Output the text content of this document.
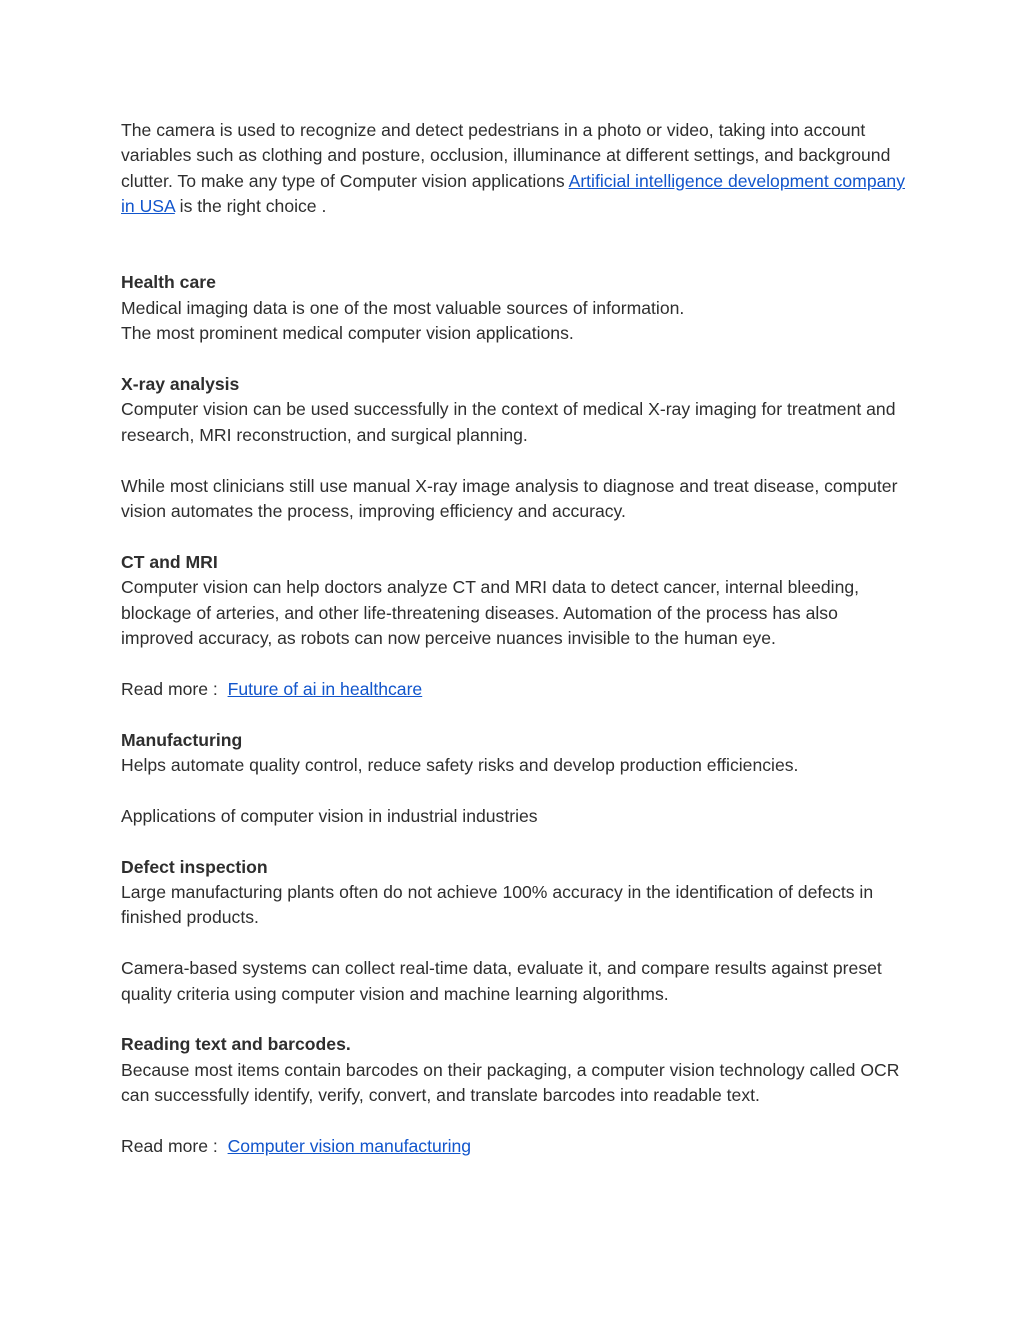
The camera is used to recognize and detect pedestrians in a photo or video, taking into account variables such as clothing and posture, occlusion, illuminance at different settings, and background clutter. To make any type of Computer vision applications Artificial intelligence development company in USA is the right choice .

Health care

Medical imaging data is one of the most valuable sources of information.

The most prominent medical computer vision applications.

X-ray analysis

Computer vision can be used successfully in the context of medical X-ray imaging for treatment and research, MRI reconstruction, and surgical planning.

While most clinicians still use manual X-ray image analysis to diagnose and treat disease, computer vision automates the process, improving efficiency and accuracy.

CT and MRI

Computer vision can help doctors analyze CT and MRI data to detect cancer, internal bleeding, blockage of arteries, and other life-threatening diseases. Automation of the process has also improved accuracy, as robots can now perceive nuances invisible to the human eye.

Read more :  Future of ai in healthcare

Manufacturing

Helps automate quality control, reduce safety risks and develop production efficiencies.

Applications of computer vision in industrial industries

Defect inspection

Large manufacturing plants often do not achieve 100% accuracy in the identification of defects in finished products.

Camera-based systems can collect real-time data, evaluate it, and compare results against preset quality criteria using computer vision and machine learning algorithms.

Reading text and barcodes.

Because most items contain barcodes on their packaging, a computer vision technology called OCR can successfully identify, verify, convert, and translate barcodes into readable text.

Read more :  Computer vision manufacturing
